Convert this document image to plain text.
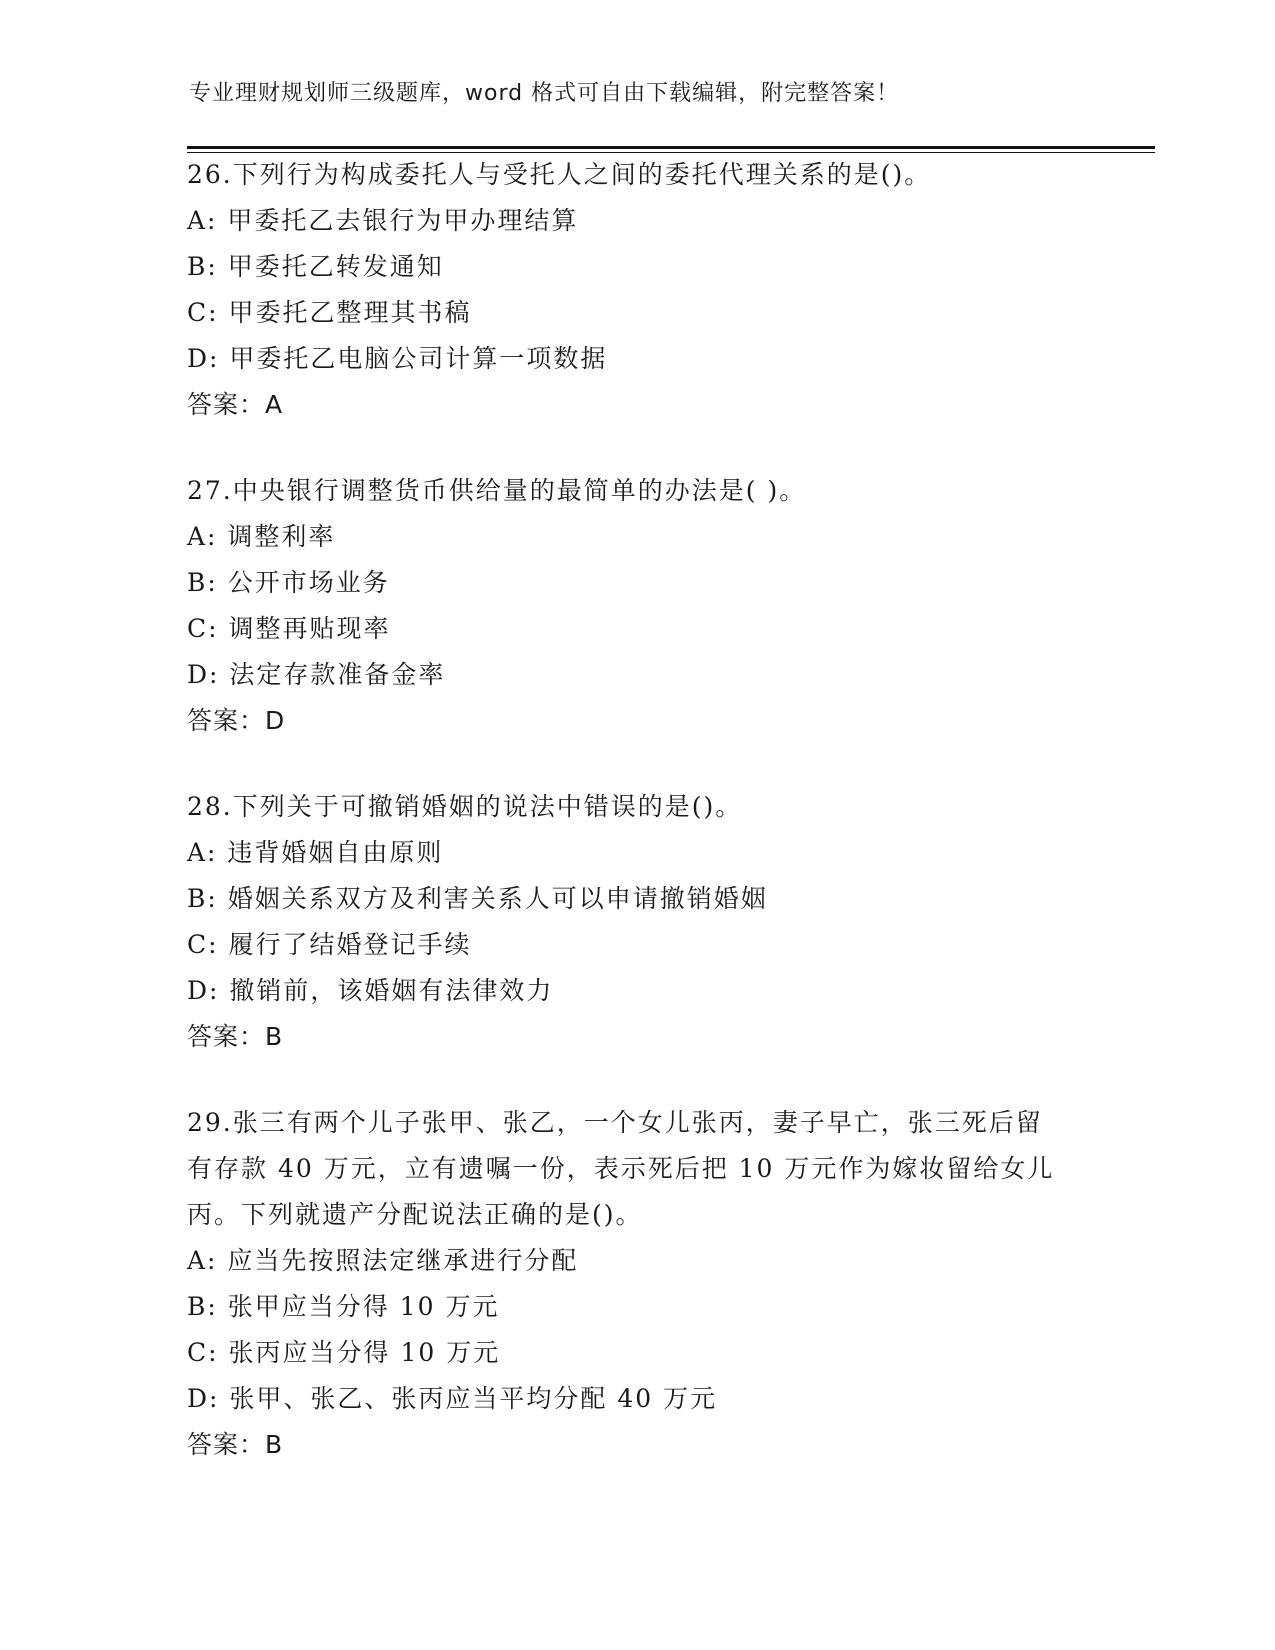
专业理财规划师三级题库，word 格式可自由下载编辑，附完整答案！

26.下列行为构成委托人与受托人之间的委托代理关系的是()。

A: 甲委托乙去银行为甲办理结算

B: 甲委托乙转发通知

C: 甲委托乙整理其书稿

D: 甲委托乙电脑公司计算一项数据

答案：A

27.中央银行调整货币供给量的最简单的办法是( )。

A: 调整利率

B: 公开市场业务

C: 调整再贴现率

D: 法定存款准备金率

答案：D

28.下列关于可撤销婚姻的说法中错误的是()。

A: 违背婚姻自由原则

B: 婚姻关系双方及利害关系人可以申请撤销婚姻

C: 履行了结婚登记手续

D: 撤销前，该婚姻有法律效力

答案：B

29.张三有两个儿子张甲、张乙，一个女儿张丙，妻子早亡，张三死后留有存款 40 万元，立有遗嘱一份，表示死后把 10 万元作为嫁妆留给女儿丙。下列就遗产分配说法正确的是()。

A: 应当先按照法定继承进行分配

B: 张甲应当分得 10 万元

C: 张丙应当分得 10 万元

D: 张甲、张乙、张丙应当平均分配 40 万元

答案：B
